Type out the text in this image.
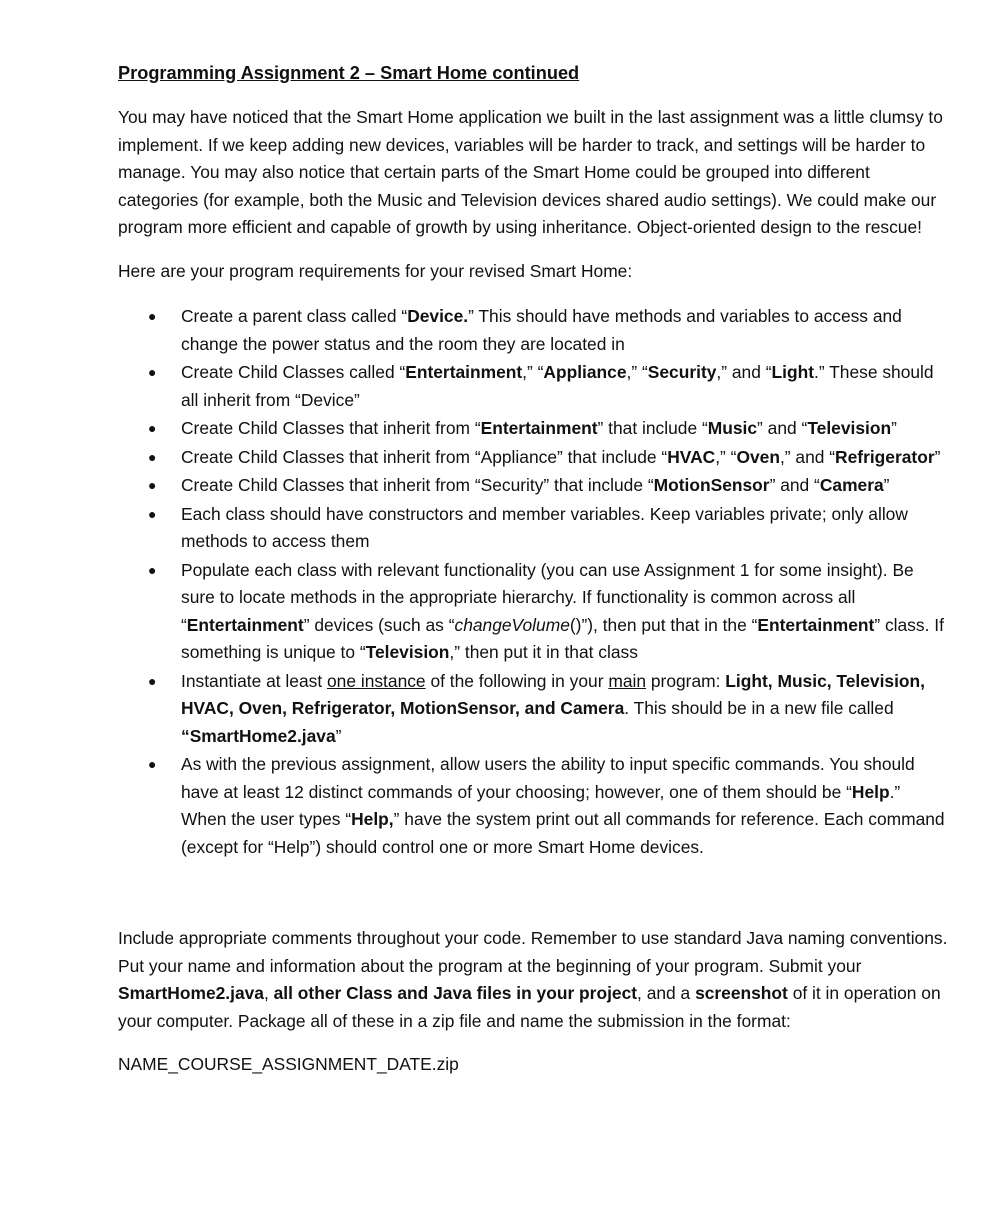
Programming Assignment 2 – Smart Home continued

You may have noticed that the Smart Home application we built in the last assignment was a little clumsy to implement. If we keep adding new devices, variables will be harder to track, and settings will be harder to manage. You may also notice that certain parts of the Smart Home could be grouped into different categories (for example, both the Music and Television devices shared audio settings). We could make our program more efficient and capable of growth by using inheritance. Object-oriented design to the rescue!

Here are your program requirements for your revised Smart Home:

● Create a parent class called “Device.” This should have methods and variables to access and change the power status and the room they are located in
● Create Child Classes called “Entertainment,” “Appliance,” “Security,” and “Light.” These should all inherit from “Device”
● Create Child Classes that inherit from “Entertainment” that include “Music” and “Television”
● Create Child Classes that inherit from “Appliance” that include “HVAC,” “Oven,” and “Refrigerator”
● Create Child Classes that inherit from “Security” that include “MotionSensor” and “Camera”
● Each class should have constructors and member variables. Keep variables private; only allow methods to access them
● Populate each class with relevant functionality (you can use Assignment 1 for some insight). Be sure to locate methods in the appropriate hierarchy. If functionality is common across all “Entertainment” devices (such as “changeVolume()”), then put that in the “Entertainment” class. If something is unique to “Television,” then put it in that class
● Instantiate at least one instance of the following in your main program: Light, Music, Television, HVAC, Oven, Refrigerator, MotionSensor, and Camera. This should be in a new file called “SmartHome2.java”
● As with the previous assignment, allow users the ability to input specific commands. You should have at least 12 distinct commands of your choosing; however, one of them should be “Help.” When the user types “Help,” have the system print out all commands for reference. Each command (except for “Help”) should control one or more Smart Home devices.

Include appropriate comments throughout your code. Remember to use standard Java naming conventions. Put your name and information about the program at the beginning of your program. Submit your SmartHome2.java, all other Class and Java files in your project, and a screenshot of it in operation on your computer. Package all of these in a zip file and name the submission in the format:

NAME_COURSE_ASSIGNMENT_DATE.zip
